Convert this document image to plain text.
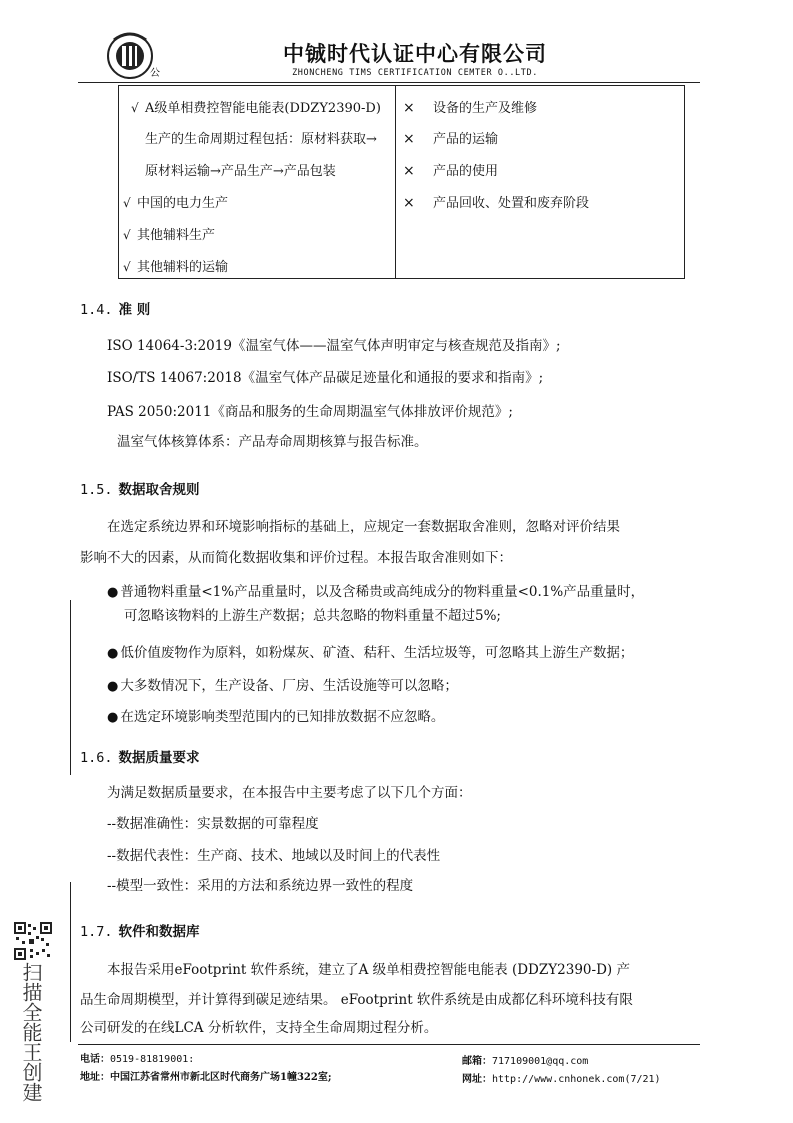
公
中铖时代认证中心有限公司
ZHONCHENG TIMS CERTIFICATION CEMTER O..LTD.
√ A级单相费控智能电能表(DDZY2390-D)
生产的生命周期过程包括：原材料获取→
原材料运输→产品生产→产品包装
√ 中国的电力生产
√ 其他辅料生产
√ 其他辅料的运输
× 设备的生产及维修
× 产品的运输
× 产品的使用
× 产品回收、处置和废弃阶段
1.4. 准 则
ISO 14064-3:2019《温室气体——温室气体声明审定与核查规范及指南》;
ISO/TS 14067:2018《温室气体产品碳足迹量化和通报的要求和指南》;
PAS 2050:2011《商品和服务的生命周期温室气体排放评价规范》;
温室气体核算体系：产品寿命周期核算与报告标准。
1.5. 数据取舍规则
在选定系统边界和环境影响指标的基础上，应规定一套数据取舍准则，忽略对评价结果
影响不大的因素，从而简化数据收集和评价过程。本报告取舍准则如下：
● 普通物料重量<1%产品重量时，以及含稀贵或高纯成分的物料重量<0.1%产品重量时，
可忽略该物料的上游生产数据；总共忽略的物料重量不超过5%;
● 低价值废物作为原料，如粉煤灰、矿渣、秸秆、生活垃圾等，可忽略其上游生产数据；
● 大多数情况下，生产设备、厂房、生活设施等可以忽略；
● 在选定环境影响类型范围内的已知排放数据不应忽略。
1.6. 数据质量要求
为满足数据质量要求，在本报告中主要考虑了以下几个方面：
--数据准确性：实景数据的可靠程度
--数据代表性：生产商、技术、地域以及时间上的代表性
--模型一致性：采用的方法和系统边界一致性的程度
1.7. 软件和数据库
本报告采用eFootprint 软件系统，建立了A 级单相费控智能电能表 (DDZY2390-D) 产
品生命周期模型，并计算得到碳足迹结果。 eFootprint 软件系统是由成都亿科环境科技有限
公司研发的在线LCA 分析软件，支持全生命周期过程分析。
电话：0519-81819001:
地址：中国江苏省常州市新北区时代商务广场1幢322室;
邮箱：717109001@qq.com
网址：http://www.cnhonek.com(7/21)
扫描全能王创建
